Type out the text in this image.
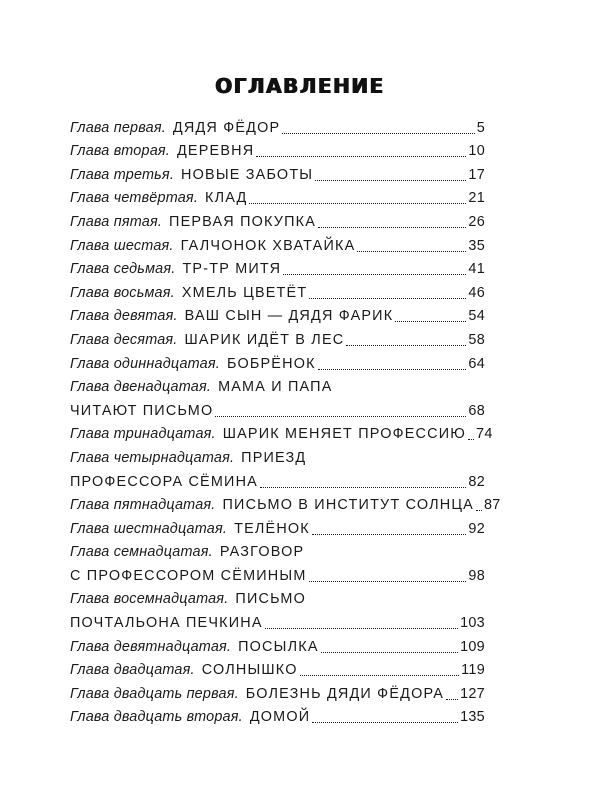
ОГЛАВЛЕНИЕ
Глава первая. ДЯДЯ ФЁДОР	5
Глава вторая. ДЕРЕВНЯ	10
Глава третья. НОВЫЕ ЗАБОТЫ	17
Глава четвёртая. КЛАД	21
Глава пятая. ПЕРВАЯ ПОКУПКА	26
Глава шестая. ГАЛЧОНОК ХВАТАЙКА	35
Глава седьмая. ТР-ТР МИТЯ	41
Глава восьмая. ХМЕЛЬ ЦВЕТЁТ	46
Глава девятая. ВАШ СЫН — ДЯДЯ ФАРИК	54
Глава десятая. ШАРИК ИДЁТ В ЛЕС	58
Глава одиннадцатая. БОБРЁНОК	64
Глава двенадцатая. МАМА И ПАПА
ЧИТАЮТ ПИСЬМО	68
Глава тринадцатая. ШАРИК МЕНЯЕТ ПРОФЕССИЮ 74
Глава четырнадцатая. ПРИЕЗД
ПРОФЕССОРА СЁМИНА	82
Глава пятнадцатая. ПИСЬМО В ИНСТИТУТ СОЛНЦА 87
Глава шестнадцатая. ТЕЛЁНОК	92
Глава семнадцатая. РАЗГОВОР
С ПРОФЕССОРОМ СЁМИНЫМ	98
Глава восемнадцатая. ПИСЬМО
ПОЧТАЛЬОНА ПЕЧКИНА	103
Глава девятнадцатая. ПОСЫЛКА	109
Глава двадцатая. СОЛНЫШКО	119
Глава двадцать первая. БОЛЕЗНЬ ДЯДИ ФЁДОРА 127
Глава двадцать вторая. ДОМОЙ	135
